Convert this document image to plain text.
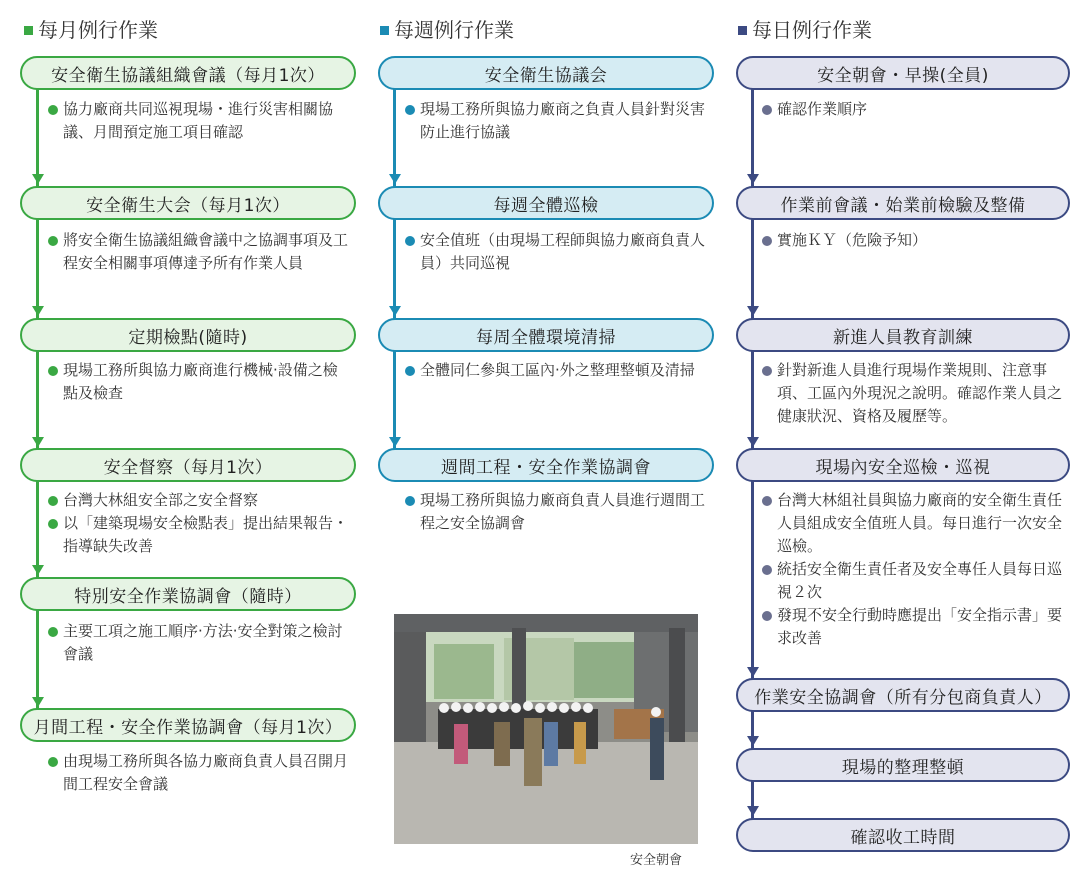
每月例行作業
安全衛生協議組織會議（每月1次）
協力廠商共同巡視現場・進行災害相關協議、月間預定施工項目確認
安全衛生大会（每月1次）
將安全衛生協議組織會議中之協調事項及工程安全相關事項傳達予所有作業人員
定期檢點(隨時)
現場工務所與協力廠商進行機械·設備之檢點及檢查
安全督察（每月1次）
台灣大林組安全部之安全督察
以「建築現場安全檢點表」提出結果報告・指導缺失改善
特別安全作業協調會（隨時）
主要工項之施工順序·方法·安全對策之檢討會議
月間工程・安全作業協調會（每月1次）
由現場工務所與各協力廠商負責人員召開月間工程安全會議
每週例行作業
安全衛生協議会
現場工務所與協力廠商之負責人員針對災害防止進行協議
每週全體巡檢
安全值班（由現場工程師與協力廠商負責人員）共同巡視
每周全體環境清掃
全體同仁參與工區內·外之整理整頓及清掃
週間工程・安全作業協調會
現場工務所與協力廠商負責人員進行週間工程之安全協調會
安全朝會
每日例行作業
安全朝會・早操(全員)
確認作業順序
作業前會議・始業前檢驗及整備
實施ＫＹ（危險予知）
新進人員教育訓練
針對新進人員進行現場作業規則、注意事項、工區內外現況之說明。確認作業人員之健康狀況、資格及履歷等。
現場內安全巡檢・巡視
台灣大林組社員與協力廠商的安全衛生責任人員組成安全值班人員。每日進行一次安全巡檢。
統括安全衛生責任者及安全專任人員每日巡視２次
發現不安全行動時應提出「安全指示書」要求改善
作業安全協調會（所有分包商負責人）
現場的整理整頓
確認收工時間
